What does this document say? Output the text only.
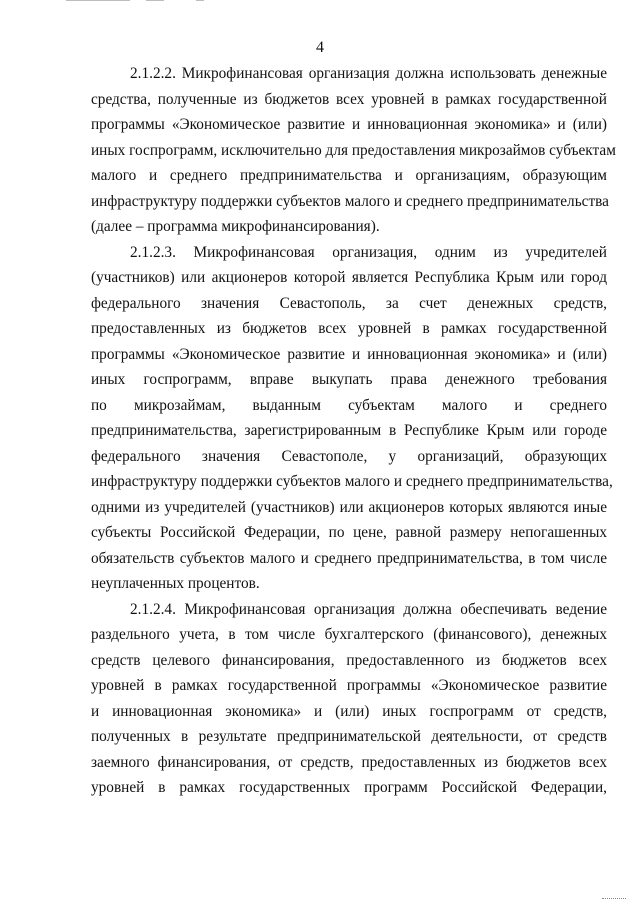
4

2.1.2.2. Микрофинансовая организация должна использовать денежные
средства, полученные из бюджетов всех уровней в рамках государственной
программы «Экономическое развитие и инновационная экономика» и (или)
иных госпрограмм, исключительно для предоставления микрозаймов субъектам
малого и среднего предпринимательства и организациям, образующим
инфраструктуру поддержки субъектов малого и среднего предпринимательства
(далее – программа микрофинансирования).

2.1.2.3. Микрофинансовая организация, одним из учредителей
(участников) или акционеров которой является Республика Крым или город
федерального значения Севастополь, за счет денежных средств,
предоставленных из бюджетов всех уровней в рамках государственной
программы «Экономическое развитие и инновационная экономика» и (или)
иных госпрограмм, вправе выкупать права денежного требования
по микрозаймам, выданным субъектам малого и среднего
предпринимательства, зарегистрированным в Республике Крым или городе
федерального значения Севастополе, у организаций, образующих
инфраструктуру поддержки субъектов малого и среднего предпринимательства,
одними из учредителей (участников) или акционеров которых являются иные
субъекты Российской Федерации, по цене, равной размеру непогашенных
обязательств субъектов малого и среднего предпринимательства, в том числе
неуплаченных процентов.

2.1.2.4. Микрофинансовая организация должна обеспечивать ведение
раздельного учета, в том числе бухгалтерского (финансового), денежных
средств целевого финансирования, предоставленного из бюджетов всех
уровней в рамках государственной программы «Экономическое развитие
и инновационная экономика» и (или) иных госпрограмм от средств,
полученных в результате предпринимательской деятельности, от средств
заемного финансирования, от средств, предоставленных из бюджетов всех
уровней в рамках государственных программ Российской Федерации,
